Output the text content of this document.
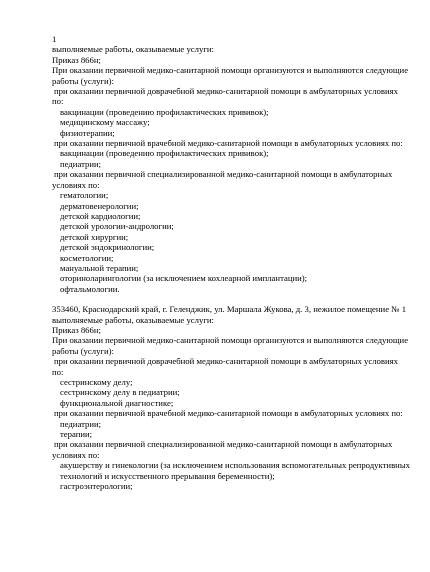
1
выполняемые работы, оказываемые услуги:
Приказ 866н;
При оказании первичной медико-санитарной помощи организуются и выполняются следующие
работы (услуги):
при оказании первичной доврачебной медико-санитарной помощи в амбулаторных условиях
по:
вакцинации (проведению профилактических прививок);
медицинскому массажу;
физиотерапии;
при оказании первичной врачебной медико-санитарной помощи в амбулаторных условиях по:
вакцинации (проведению профилактических прививок);
педиатрии;
при оказании первичной специализированной медико-санитарной помощи в амбулаторных
условиях по:
гематологии;
дерматовенерологии;
детской кардиологии;
детской урологии-андрологии;
детской хирургии;
детской эндокринологии;
косметологии;
мануальной терапии;
оториноларингологии (за исключением кохлеарной имплантации);
офтальмологии.
353460, Краснодарский край, г. Геленджик, ул. Маршала Жукова, д. 3, нежилое помещение № 1
выполняемые работы, оказываемые услуги:
Приказ 866н;
При оказании первичной медико-санитарной помощи организуются и выполняются следующие
работы (услуги):
при оказании первичной доврачебной медико-санитарной помощи в амбулаторных условиях
по:
сестринскому делу;
сестринскому делу в педиатрии;
функциональной диагностике;
при оказании первичной врачебной медико-санитарной помощи в амбулаторных условиях по:
педиатрии;
терапии;
при оказании первичной специализированной медико-санитарной помощи в амбулаторных
условиях по:
акушерству и гинекологии (за исключением использования вспомогательных репродуктивных
технологий и искусственного прерывания беременности);
гастроэнтерологии;
